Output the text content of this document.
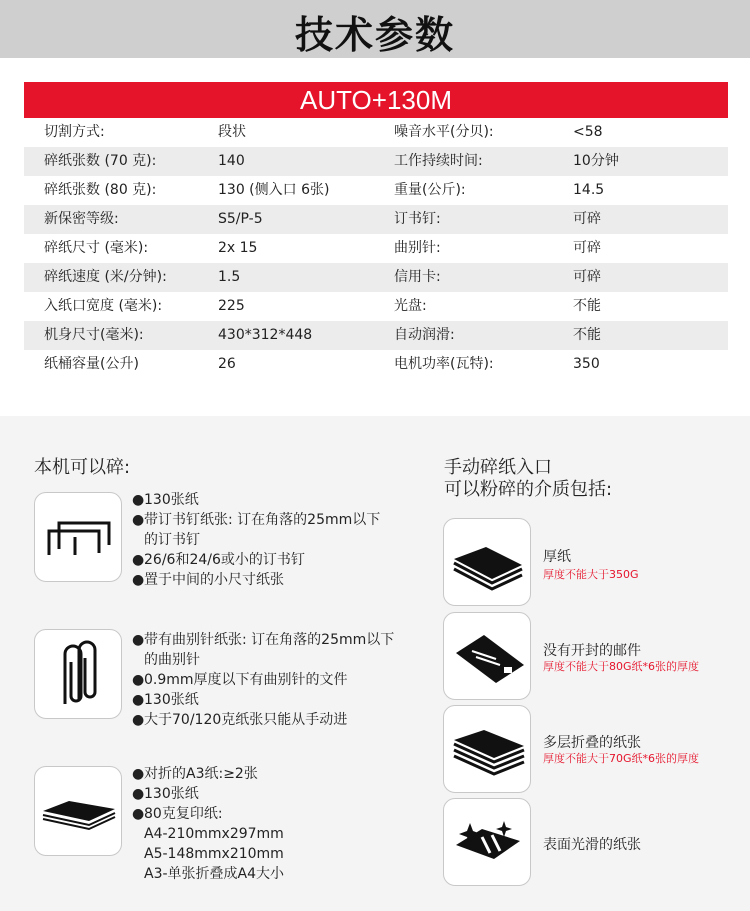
技术参数
AUTO+130M
切割方式:	段状	噪音水平(分贝):	<58
碎纸张数 (70 克):	140	工作持续时间:	10分钟
碎纸张数 (80 克):	130 (侧入口 6张)	重量(公斤):	14.5
新保密等级:	S5/P-5	订书钉:	可碎
碎纸尺寸 (毫米):	2x 15	曲别针:	可碎
碎纸速度 (米/分钟):	1.5	信用卡:	可碎
入纸口宽度 (毫米):	225	光盘:	不能
机身尺寸(毫米):	430*312*448	自动润滑:	不能
纸桶容量(公升)	26	电机功率(瓦特):	350
本机可以碎:
● 130张纸
● 带订书钉纸张: 订在角落的25mm以下
的订书钉
● 26/6和24/6或小的订书钉
● 置于中间的小尺寸纸张
● 带有曲别针纸张: 订在角落的25mm以下
的曲别针
● 0.9mm厚度以下有曲别针的文件
● 130张纸
● 大于70/120克纸张只能从手动进
● 对折的A3纸:≥2张
● 130张纸
● 80克复印纸:
A4-210mmx297mm
A5-148mmx210mm
A3-单张折叠成A4大小
手动碎纸入口
可以粉碎的介质包括:
厚纸
厚度不能大于350G
没有开封的邮件
厚度不能大于80G纸*6张的厚度
多层折叠的纸张
厚度不能大于70G纸*6张的厚度
表面光滑的纸张
